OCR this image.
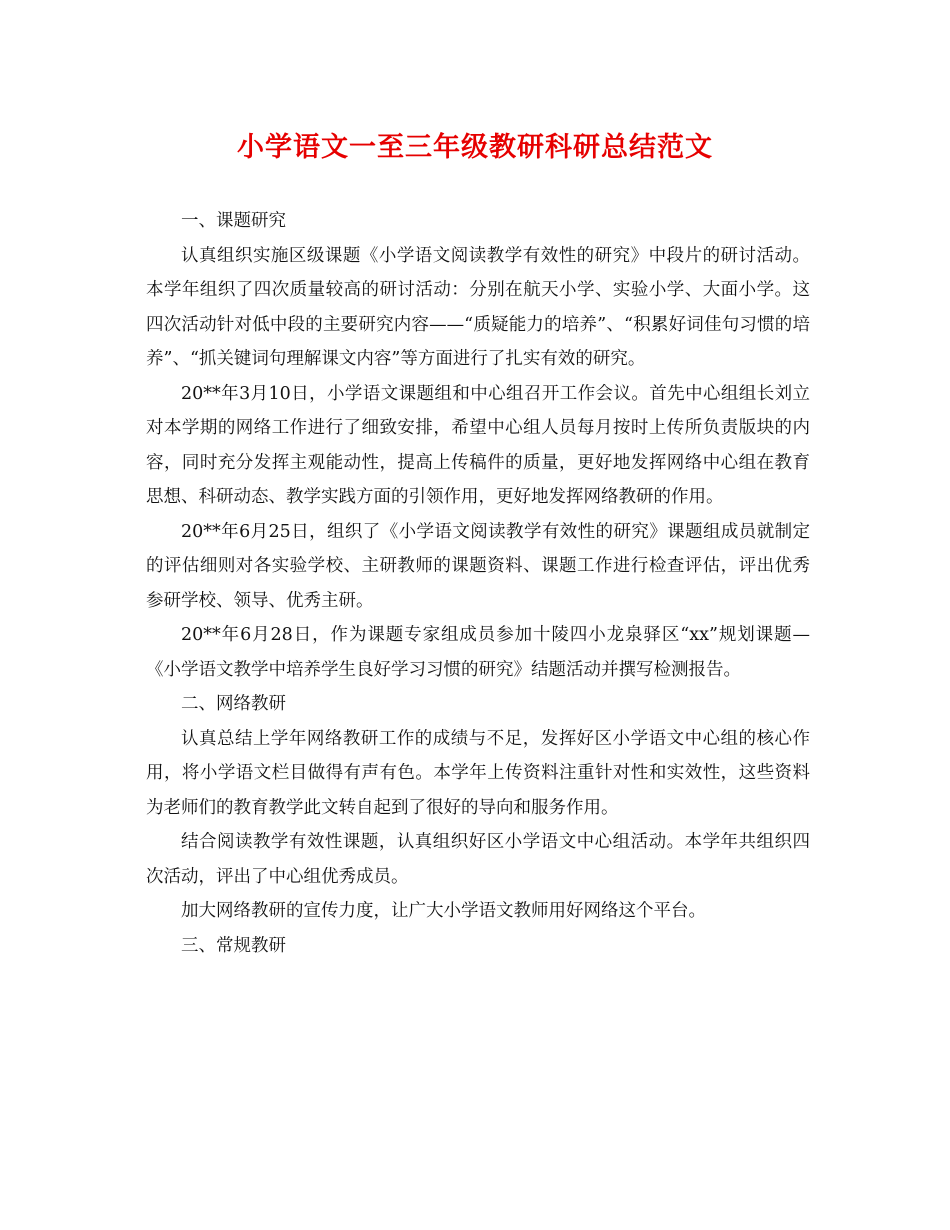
小学语文一至三年级教研科研总结范文

一、课题研究

认真组织实施区级课题《小学语文阅读教学有效性的研究》中段片的研讨活动。本学年组织了四次质量较高的研讨活动：分别在航天小学、实验小学、大面小学。这四次活动针对低中段的主要研究内容——“质疑能力的培养”、“积累好词佳句习惯的培养”、“抓关键词句理解课文内容”等方面进行了扎实有效的研究。

20**年3月10日，小学语文课题组和中心组召开工作会议。首先中心组组长刘立对本学期的网络工作进行了细致安排，希望中心组人员每月按时上传所负责版块的内容，同时充分发挥主观能动性，提高上传稿件的质量，更好地发挥网络中心组在教育思想、科研动态、教学实践方面的引领作用，更好地发挥网络教研的作用。

20**年6月25日，组织了《小学语文阅读教学有效性的研究》课题组成员就制定的评估细则对各实验学校、主研教师的课题资料、课题工作进行检查评估，评出优秀参研学校、领导、优秀主研。

20**年6月28日，作为课题专家组成员参加十陵四小龙泉驿区“xx”规划课题—《小学语文教学中培养学生良好学习习惯的研究》结题活动并撰写检测报告。

二、网络教研

认真总结上学年网络教研工作的成绩与不足，发挥好区小学语文中心组的核心作用，将小学语文栏目做得有声有色。本学年上传资料注重针对性和实效性，这些资料为老师们的教育教学此文转自起到了很好的导向和服务作用。

结合阅读教学有效性课题，认真组织好区小学语文中心组活动。本学年共组织四次活动，评出了中心组优秀成员。

加大网络教研的宣传力度，让广大小学语文教师用好网络这个平台。

三、常规教研
